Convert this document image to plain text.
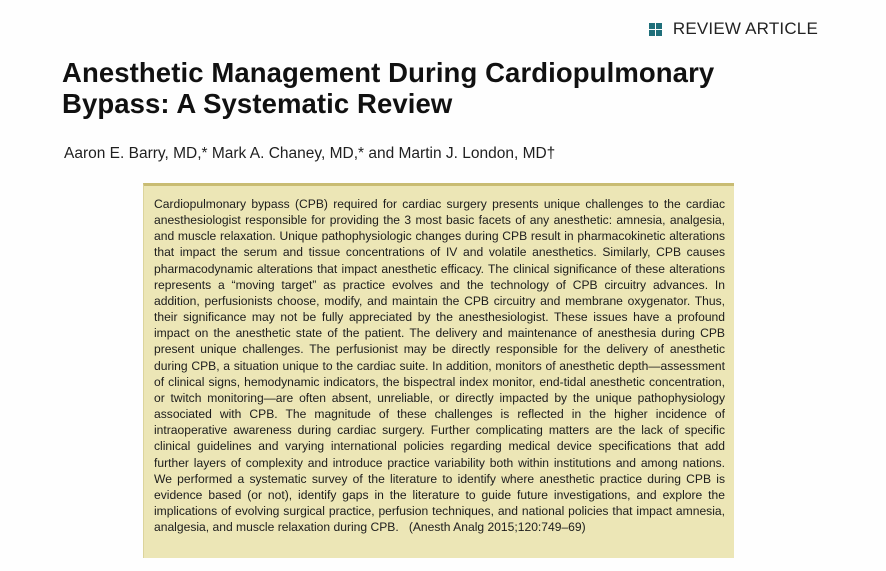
REVIEW ARTICLE
Anesthetic Management During Cardiopulmonary
Bypass: A Systematic Review
Aaron E. Barry, MD,* Mark A. Chaney, MD,* and Martin J. London, MD†

Cardiopulmonary bypass (CPB) required for cardiac surgery presents unique challenges to the cardiac anesthesiologist responsible for providing the 3 most basic facets of any anesthetic: amnesia, analgesia, and muscle relaxation. Unique pathophysiologic changes during CPB result in pharmacokinetic alterations that impact the serum and tissue concentrations of IV and volatile anesthetics. Similarly, CPB causes pharmacodynamic alterations that impact anesthetic efficacy. The clinical significance of these alterations represents a “moving target” as practice evolves and the technology of CPB circuitry advances. In addition, perfusionists choose, modify, and maintain the CPB circuitry and membrane oxygenator. Thus, their significance may not be fully appreciated by the anesthesiologist. These issues have a profound impact on the anesthetic state of the patient. The delivery and maintenance of anesthesia during CPB present unique challenges. The perfusionist may be directly responsible for the delivery of anesthetic during CPB, a situation unique to the cardiac suite. In addition, monitors of anesthetic depth—assessment of clinical signs, hemodynamic indicators, the bispectral index monitor, end-tidal anesthetic concentration, or twitch monitoring—are often absent, unreliable, or directly impacted by the unique pathophysiology associated with CPB. The magnitude of these challenges is reflected in the higher incidence of intraoperative awareness during cardiac surgery. Further complicating matters are the lack of specific clinical guidelines and varying international policies regarding medical device specifications that add further layers of complexity and introduce practice variability both within institutions and among nations. We performed a systematic survey of the literature to identify where anesthetic practice during CPB is evidence based (or not), identify gaps in the literature to guide future investigations, and explore the implications of evolving surgical practice, perfusion techniques, and national policies that impact amnesia, analgesia, and muscle relaxation during CPB. (Anesth Analg 2015;120:749–69)
